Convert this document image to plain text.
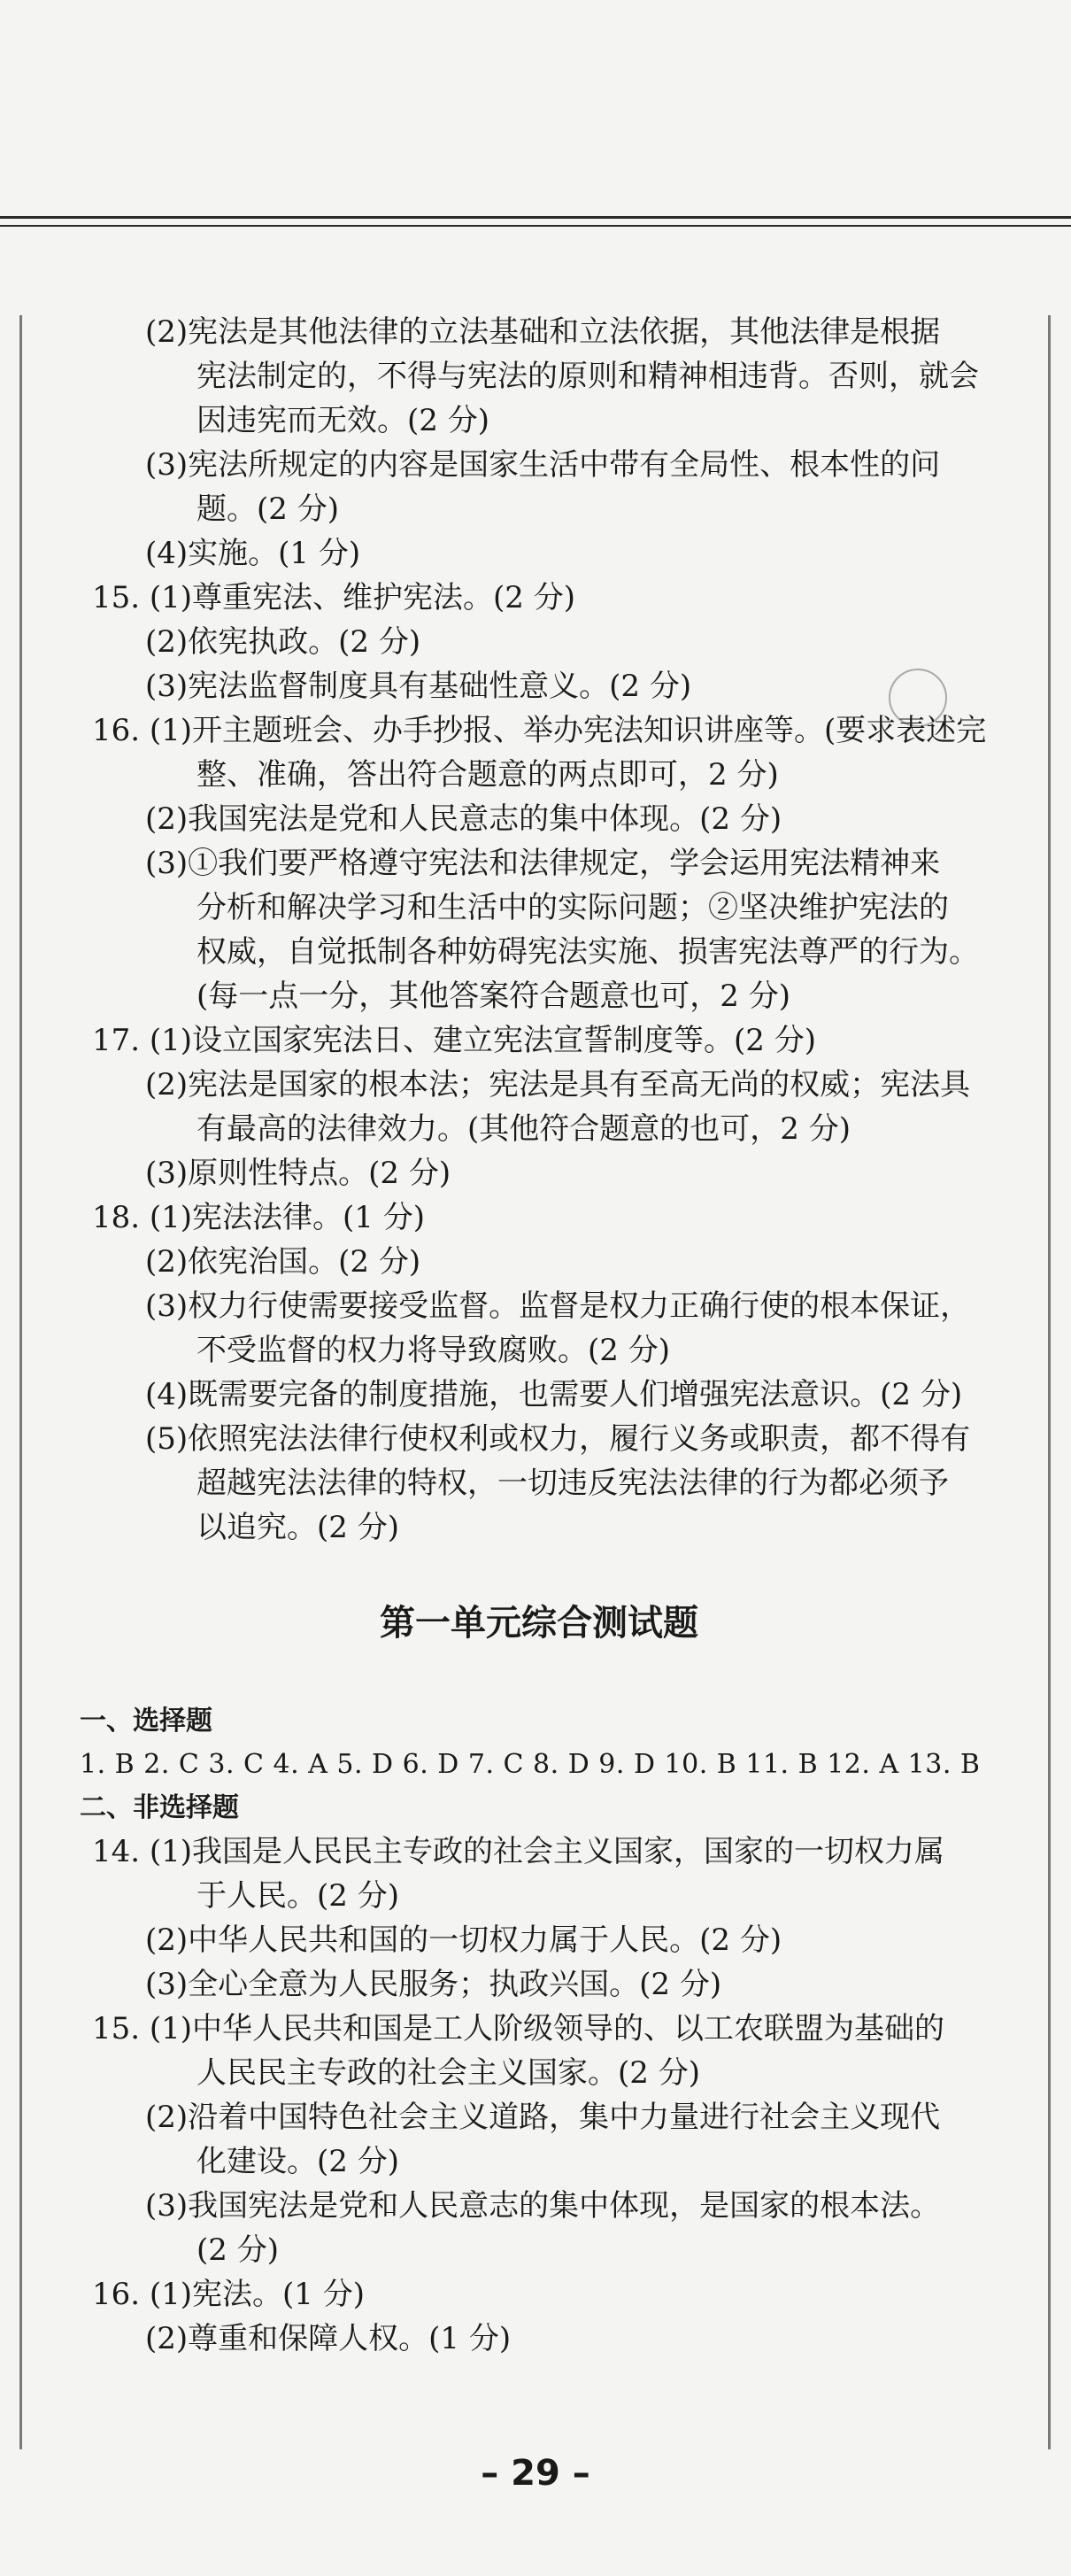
(2)宪法是其他法律的立法基础和立法依据，其他法律是根据
宪法制定的，不得与宪法的原则和精神相违背。否则，就会
因违宪而无效。(2 分)
(3)宪法所规定的内容是国家生活中带有全局性、根本性的问
题。(2 分)
(4)实施。(1 分)
15. (1)尊重宪法、维护宪法。(2 分)
(2)依宪执政。(2 分)
(3)宪法监督制度具有基础性意义。(2 分)
16. (1)开主题班会、办手抄报、举办宪法知识讲座等。(要求表述完
整、准确，答出符合题意的两点即可，2 分)
(2)我国宪法是党和人民意志的集中体现。(2 分)
(3)①我们要严格遵守宪法和法律规定，学会运用宪法精神来
分析和解决学习和生活中的实际问题；②坚决维护宪法的
权威，自觉抵制各种妨碍宪法实施、损害宪法尊严的行为。
(每一点一分，其他答案符合题意也可，2 分)
17. (1)设立国家宪法日、建立宪法宣誓制度等。(2 分)
(2)宪法是国家的根本法；宪法是具有至高无尚的权威；宪法具
有最高的法律效力。(其他符合题意的也可，2 分)
(3)原则性特点。(2 分)
18. (1)宪法法律。(1 分)
(2)依宪治国。(2 分)
(3)权力行使需要接受监督。监督是权力正确行使的根本保证，
不受监督的权力将导致腐败。(2 分)
(4)既需要完备的制度措施，也需要人们增强宪法意识。(2 分)
(5)依照宪法法律行使权利或权力，履行义务或职责，都不得有
超越宪法法律的特权，一切违反宪法法律的行为都必须予
以追究。(2 分)
第一单元综合测试题
一、选择题
1. B 2. C 3. C 4. A 5. D 6. D 7. C 8. D 9. D 10. B 11. B 12. A 13. B
二、非选择题
14. (1)我国是人民民主专政的社会主义国家，国家的一切权力属
于人民。(2 分)
(2)中华人民共和国的一切权力属于人民。(2 分)
(3)全心全意为人民服务；执政兴国。(2 分)
15. (1)中华人民共和国是工人阶级领导的、以工农联盟为基础的
人民民主专政的社会主义国家。(2 分)
(2)沿着中国特色社会主义道路，集中力量进行社会主义现代
化建设。(2 分)
(3)我国宪法是党和人民意志的集中体现，是国家的根本法。
(2 分)
16. (1)宪法。(1 分)
(2)尊重和保障人权。(1 分)
– 29 –
